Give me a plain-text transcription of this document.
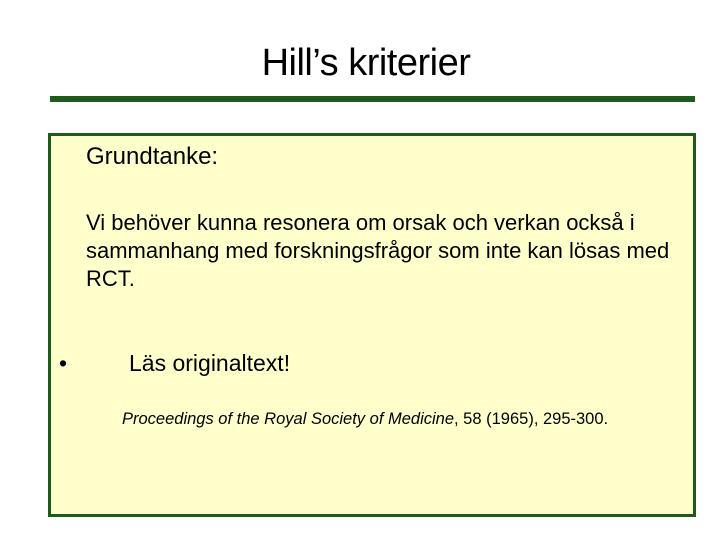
Hill’s kriterier
Grundtanke:
Vi behöver kunna resonera om orsak och verkan också i sammanhang med forskningsfrågor som inte kan lösas med RCT.
•	Läs originaltext!
Proceedings of the Royal Society of Medicine, 58 (1965), 295-300.
